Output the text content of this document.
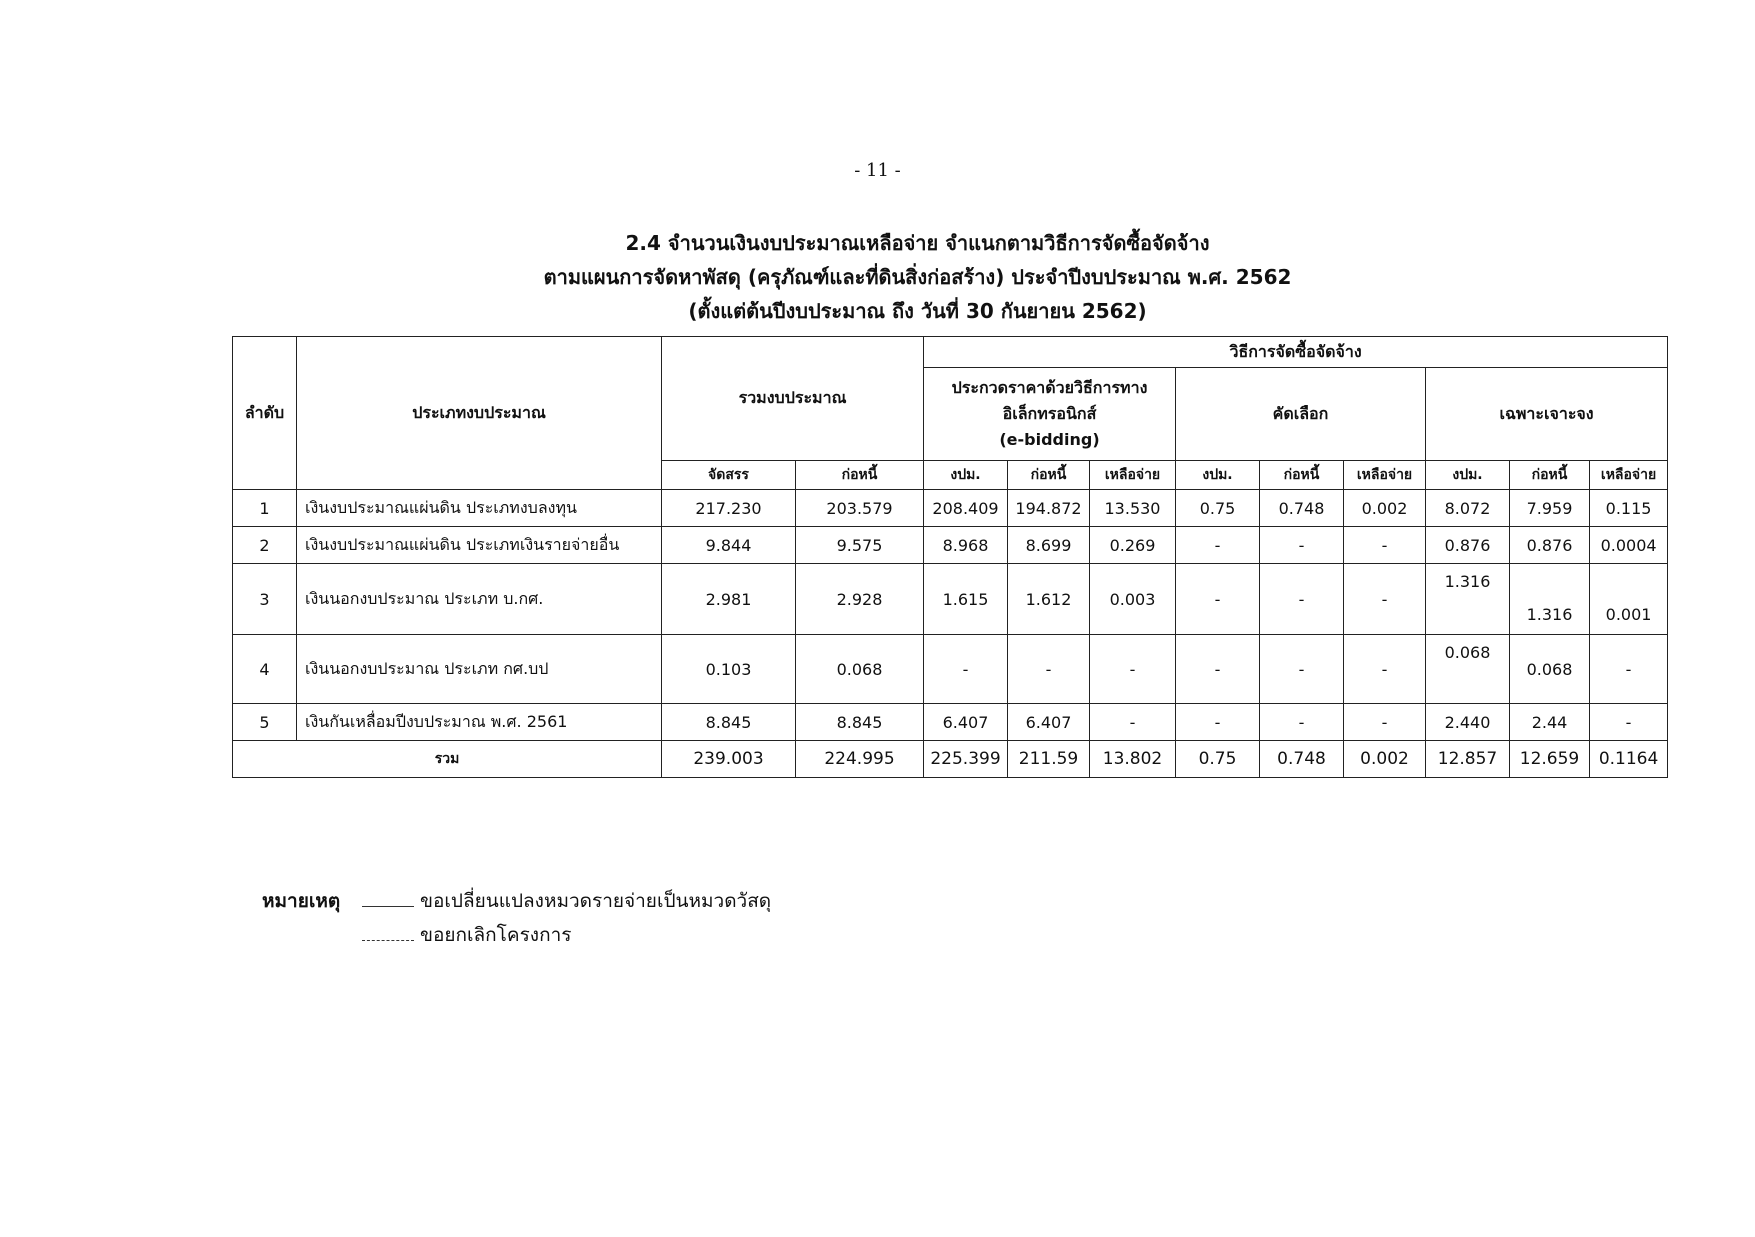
- 11 -
2.4 จำนวนเงินงบประมาณเหลือจ่าย จำแนกตามวิธีการจัดซื้อจัดจ้าง
ตามแผนการจัดหาพัสดุ (ครุภัณฑ์และที่ดินสิ่งก่อสร้าง) ประจำปีงบประมาณ พ.ศ. 2562
(ตั้งแต่ต้นปีงบประมาณ ถึง วันที่ 30 กันยายน 2562)
ลำดับ	ประเภทงบประมาณ	รวมงบประมาณ		วิธีการจัดซื้อจัดจ้าง								

				ประกวดราคาด้วยวิธีการทาง
อิเล็กทรอนิกส์
(e-bidding)			คัดเลือก			เฉพาะเจาะจง		
		จัดสรร	ก่อหนี้	งปม.	ก่อหนี้	เหลือจ่าย	งปม.	ก่อหนี้	เหลือจ่าย	งปม.	ก่อหนี้	เหลือจ่าย
1	เงินงบประมาณแผ่นดิน ประเภทงบลงทุน	217.230	203.579	208.409	194.872	13.530	0.75	0.748	0.002	8.072	7.959	0.115
2	เงินงบประมาณแผ่นดิน ประเภทเงินรายจ่ายอื่น	9.844	9.575	8.968	8.699	0.269	-	-	-	0.876	0.876	0.0004
3	เงินนอกงบประมาณ ประเภท บ.กศ.	2.981	2.928	1.615	1.612	0.003	-	-	-	1.316	1.316	0.001
4	เงินนอกงบประมาณ ประเภท กศ.บป	0.103	0.068	-	-	-	-	-	-	0.068	0.068	-
5	เงินกันเหลื่อมปีงบประมาณ พ.ศ. 2561	8.845	8.845	6.407	6.407	-	-	-	-	2.440	2.44	-
รวม		239.003	224.995	225.399	211.59	13.802	0.75	0.748	0.002	12.857	12.659	0.1164
หมายเหตุ	ขอเปลี่ยนแปลงหมวดรายจ่ายเป็นหมวดวัสดุ
ขอยกเลิกโครงการ
